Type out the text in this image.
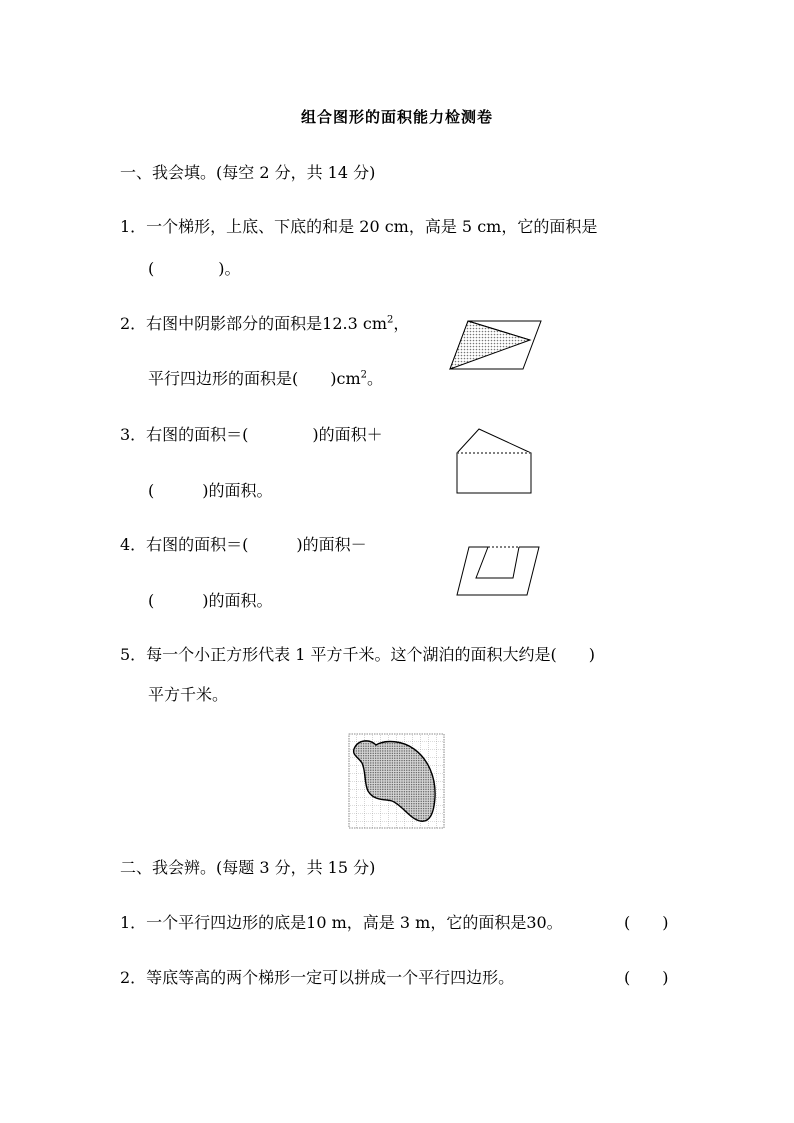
组合图形的面积能力检测卷
一、我会填。(每空 2 分，共 14 分)
1．一个梯形，上底、下底的和是 20 cm，高是 5 cm，它的面积是
(　　　　)。
2．右图中阴影部分的面积是12.3 $cm^2$，
平行四边形的面积是(　　)$cm^2$。
3．右图的面积＝(　　　　)的面积＋
(　　　)的面积。
4．右图的面积＝(　　　)的面积－
(　　　)的面积。
5．每一个小正方形代表 1 平方千米。这个湖泊的面积大约是(　　)
平方千米。
二、我会辨。(每题 3 分，共 15 分)
1．一个平行四边形的底是10 m，高是 3 m，它的面积是30。	(　　)
2．等底等高的两个梯形一定可以拼成一个平行四边形。	(　　)
